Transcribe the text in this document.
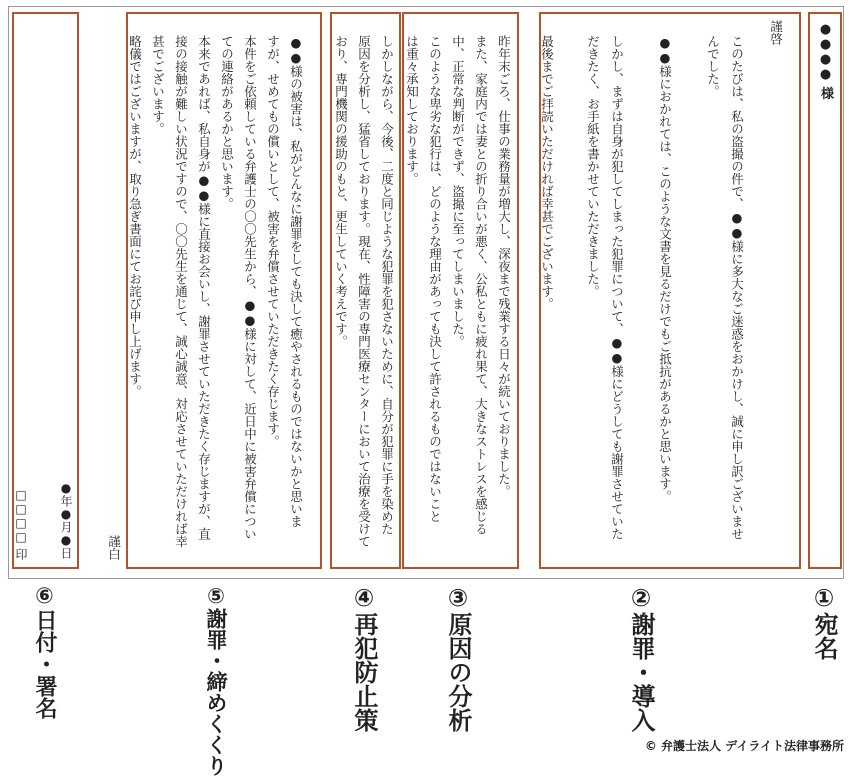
●●●● 様
謹啓
このたびは、私の盗撮の件で、●●様に多大なご迷惑をおかけし、誠に申し訳ございませ
んでした。
●●様におかれては、このような文書を見るだけでもご抵抗があるかと思います。
しかし、まずは自身が犯してしまった犯罪について、●●様にどうしても謝罪させていた
だきたく、お手紙を書かせていただきました。
最後までご拝読いただければ幸甚でございます。
昨年末ごろ、仕事の業務量が増大し、深夜まで残業する日々が続いておりました。
また、家庭内では妻との折り合いが悪く、公私ともに疲れ果て、大きなストレスを感じる
中、正常な判断ができず、盗撮に至ってしまいました。
このような卑劣な犯行は、どのような理由があっても決して許されるものではないこと
は重々承知しております。
しかしながら、今後、二度と同じような犯罪を犯さないために、自分が犯罪に手を染めた
原因を分析し、猛省しております。現在、性障害の専門医療センターにおいて治療を受けて
おり、専門機関の援助のもと、更生していく考えです。
●●様の被害は、私がどんなに謝罪をしても決して癒やされるものではないかと思いま
すが、せめてもの償いとして、被害を弁償させていただきたく存じます。
本件をご依頼している弁護士の〇〇先生から、●●様に対して、近日中に被害弁償につい
ての連絡があるかと思います。
本来であれば、私自身が●●様に直接お会いし、謝罪させていただきたく存じますが、直
接の接触が難しい状況ですので、〇〇先生を通じて、誠心誠意、対応させていただければ幸
甚でございます。
略儀ではございますが、取り急ぎ書面にてお詫び申し上げます。
謹白
●年●月●日
□□□□ 印
①宛名
②謝罪・導入
③原因の分析
④再犯防止策
⑤謝罪・締めくくり
⑥日付・署名
© 弁護士法人 デイライト法律事務所
